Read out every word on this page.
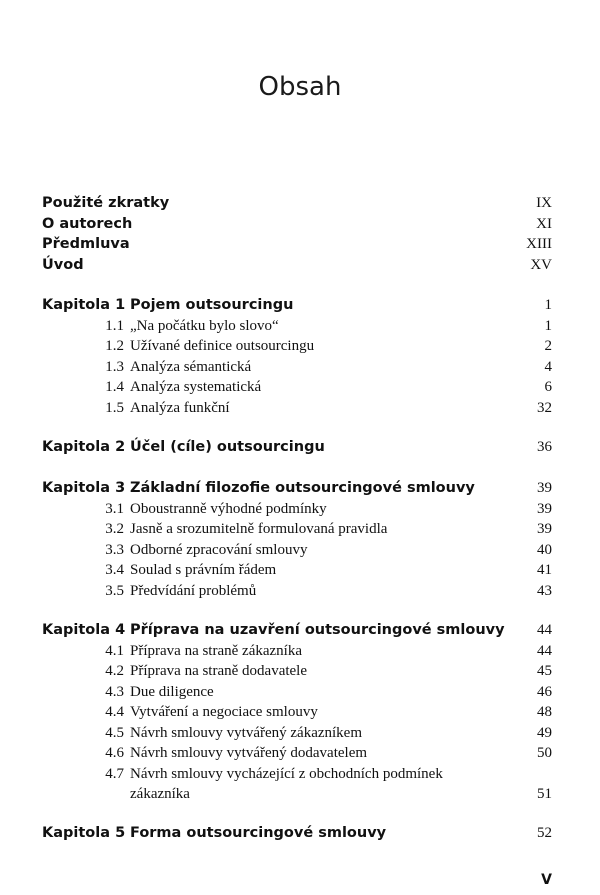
Obsah
Použité zkratky	IX
O autorech	XI
Předmluva	XIII
Úvod	XV
Kapitola 1 Pojem outsourcingu	1
1.1 „Na počátku bylo slovo“	1
1.2 Užívané definice outsourcingu	2
1.3 Analýza sémantická	4
1.4 Analýza systematická	6
1.5 Analýza funkční	32
Kapitola 2 Účel (cíle) outsourcingu	36
Kapitola 3 Základní filozofie outsourcingové smlouvy	39
3.1 Oboustranně výhodné podmínky	39
3.2 Jasně a srozumitelně formulovaná pravidla	39
3.3 Odborné zpracování smlouvy	40
3.4 Soulad s právním řádem	41
3.5 Předvídání problémů	43
Kapitola 4 Příprava na uzavření outsourcingové smlouvy 44
4.1 Příprava na straně zákazníka	44
4.2 Příprava na straně dodavatele	45
4.3 Due diligence	46
4.4 Vytváření a negociace smlouvy	48
4.5 Návrh smlouvy vytvářený zákazníkem	49
4.6 Návrh smlouvy vytvářený dodavatelem	50
4.7 Návrh smlouvy vycházející z obchodních podmínek zákazníka	51
Kapitola 5 Forma outsourcingové smlouvy	52
V
